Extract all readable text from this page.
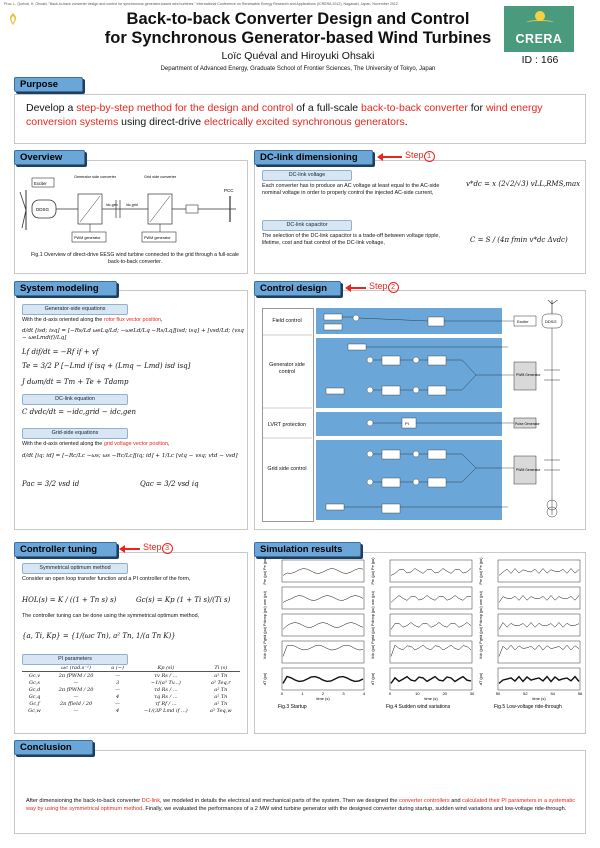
Proc. L. Quéval, H. Ohsaki, "Back-to-back converter design and control for synchronous generator-based wind turbines," International Conference on Renewable Energy Research and Applications (ICRERA 2012), Nagasaki, Japan, November 2012.
Back-to-back Converter Design and Control
for Synchronous Generator-based Wind Turbines
Loïc Quéval and Hiroyuki Ohsaki
Department of Advanced Energy, Graduate School of Frontier Sciences, The University of Tokyo, Japan
CRERA
ID : 166
Purpose
Develop a step-by-step method for the design and control of a full-scale back-to-back converter for wind energy conversion systems using direct-drive electrically excited synchronous generators.
Overview
Exciter
DDSG
PWM generator	PWM generator
PCC
Idc,gen Idc,grid
Generator side converter	Grid side converter
Fig.1 Overview of direct-drive EESG wind turbine connected to the grid through a full-scale back-to-back converter.
DC-link dimensioning	Step 1
DC-link voltage
Each converter has to produce an AC voltage at least equal to the AC-side nominal voltage in order to properly control the injected AC-side current,
v*dc = x (2√2/√3) vLL,RMS,max
DC-link capacitor
The selection of the DC-link capacitor is a trade-off between voltage ripple, lifetime, cost and fast control of the DC-link voltage,	C = S / (4π fmin v*dc Δvdc)
System modeling
Generator-side equations
With the d-axis oriented along the rotor flux vector position,
d/dt [isd; isq] = [−Rs/Ld ωeLq/Ld; −ωeLd/Lq −Rs/Lq][isd; isq] + [vsd/Ld; (vsq − ωeLmdif)/Lq]
Lf dif/dt = −Rf if + vf
Te = 3/2 P [−Lmd if isq + (Lmq − Lmd) isd isq]
J dωm/dt = Tm + Te + Tdamp
DC-link equation
C dvdc/dt = −idc,grid − idc,gen
Grid-side equations
With the d-axis oriented along the grid voltage vector position,
d/dt [iq; id] = [−Rc/Lc −ωs; ωs −Rc/Lc][iq; id] + 1/Lc [vtq − vsq; vtd − vsd]
Pac = 3/2 vsd id	Qac = 3/2 vsd iq
Control design	Step 2
Field control
Generator side control
LVRT protection
Grid side control
PI
Exciter	DDSG
PWM Generator
Pulse Generator
PWM Generator
Controller tuning	Step 3
Symmetrical optimum method
Consider an open loop transfer function and a PI controller of the form,
HOL(s) = K / ((1 + Tn s) s)	Gc(s) = Kp (1 + Ti s)/(Ti s)
The controller tuning can be done using the symmetrical optimum method,
{a, Ti, Kp} = {1/(ωc Tn), a² Tn, 1/(a Tn K)}
PI parameters
	ωc (rad.s⁻¹)	a (−)	Kp (si)	Ti (s)
Gc,v	2π fPWM / 20	—	τv Rs / ...	a² Tn
Gc,s	—	3	−1/(a³ Tv...)	a² Teq,r
Gc,d	2π fPWM / 20	—	τd Rs / ...	a² Tn
Gc,q	—	4	τq Rs / ...	a² Tn
Gc,f	2π ffield / 20	—	τf Rf / ...	a² Tn
Gc,w	—	4	−1/(3P Lmd if ...)	a² Teq,w
Simulation results
Pm (pu) Pe (pu)
wm (pu)
Pgrid (pu) Pdcmp (pu)
Vdc (pu)
dT (pu)
0	1	2	3	4
time (s)
Fig.3 Startup
Pm (pu) Pe (pu)
wm (pu)
Pgrid (pu) Pdcmp (pu)
Vdc (pu)
dT (pu)
0	10	20	30
time (s)
Fig.4 Sudden wind variations
Pm (pu) Pe (pu)
wm (pu)
Pgrid (pu) Pdcmp (pu)
Vdc (pu)
dT (pu)
50	52	54	56
time (s)
Fig.5 Low-voltage ride-through
Conclusion
After dimensioning the back-to-back converter DC-link, we modeled in details the electrical and mechanical parts of the system. Then we designed the converter controllers and calculated their PI parameters in a systematic way by using the symmetrical optimum method. Finally, we evaluated the performances of a 2 MW wind turbine generator with the designed converter during startup, sudden wind variations and low-voltage ride-through.
